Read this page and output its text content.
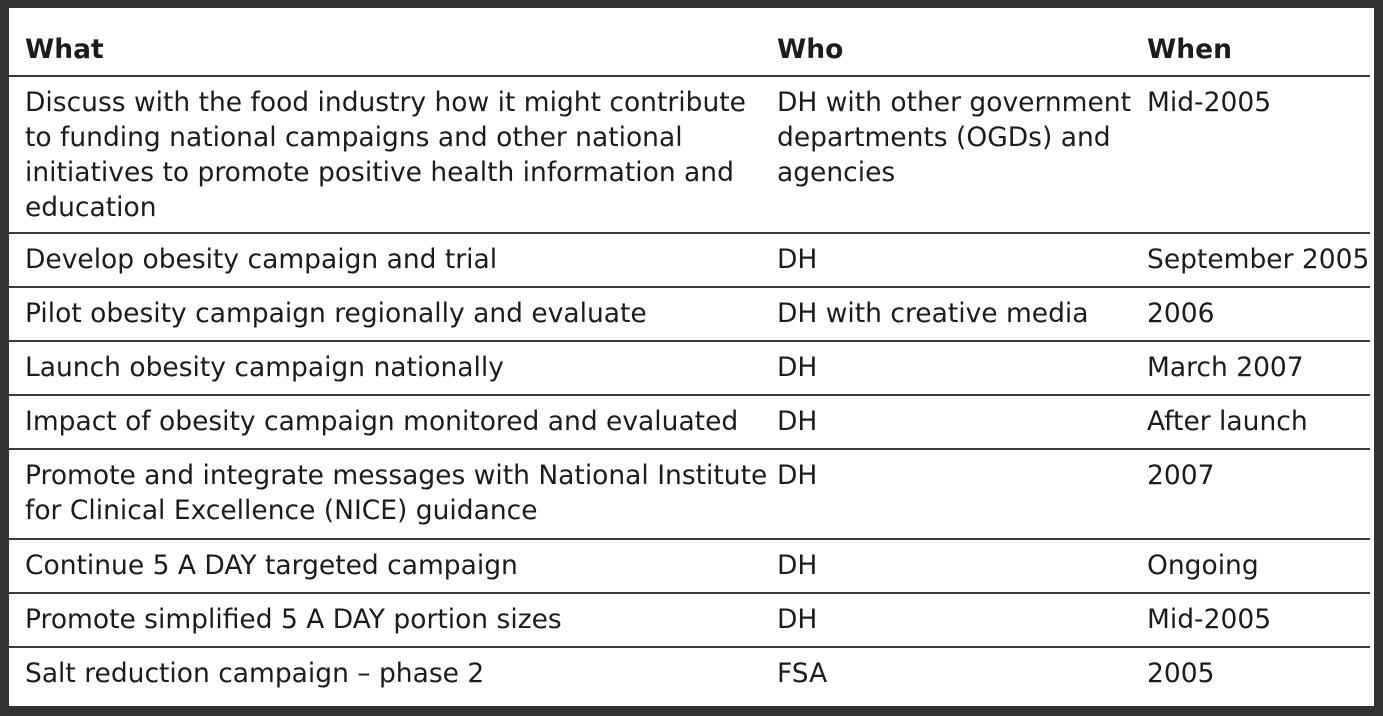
What	Who	When
Discuss with the food industry how it might contribute to funding national campaigns and other national initiatives to promote positive health information and education	DH with other government departments (OGDs) and agencies	Mid-2005
Develop obesity campaign and trial	DH	September 2005
Pilot obesity campaign regionally and evaluate	DH with creative media	2006
Launch obesity campaign nationally	DH	March 2007
Impact of obesity campaign monitored and evaluated	DH	After launch
Promote and integrate messages with National Institute for Clinical Excellence (NICE) guidance	DH	2007
Continue 5 A DAY targeted campaign	DH	Ongoing
Promote simplified 5 A DAY portion sizes	DH	Mid-2005
Salt reduction campaign – phase 2	FSA	2005
